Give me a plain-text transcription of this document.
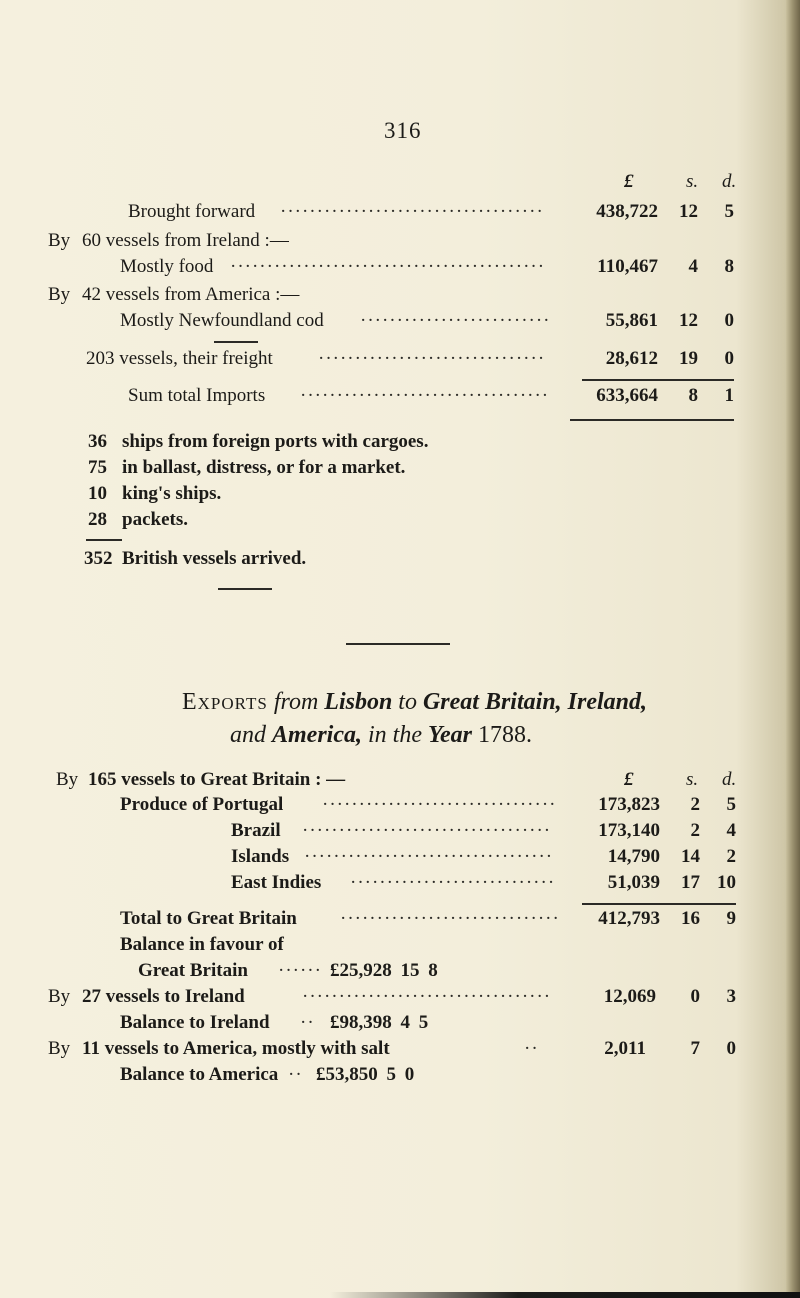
316
£	s. d.
Brought forward ····································	438,722	12	5
By 60 vessels from Ireland :—
Mostly food ···········································	110,467	4	8
By 42 vessels from America :—
Mostly Newfoundland cod ··························	55,861	12	0
203 vessels, their freight ·······························	28,612	19	0
Sum total Imports ··································	633,664	8	1
36 ships from foreign ports with cargoes.
75 in ballast, distress, or for a market.
10 king's ships.
28 packets.
352 British vessels arrived.
Exports from Lisbon to Great Britain, Ireland,
and America, in the Year 1788.
By 165 vessels to Great Britain : —	£	s. d.
Produce of Portugal ································	173,823	2	5
Brazil ··································	173,140	2	4
Islands ··································	14,790	14	2
East Indies ····························	51,039	17 10
Total to Great Britain ······························	412,793	16	9
Balance in favour of
Great Britain ······ £25,928 15 8
By 27 vessels to Ireland	··································	12,069	0	3
Balance to Ireland ·· £98,398 4 5
By 11 vessels to America, mostly with salt	··	2,011	7	0
Balance to America ·· £53,850 5 0
